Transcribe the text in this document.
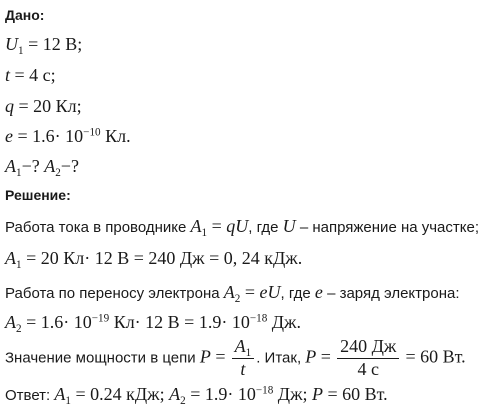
Дано:
$U_1 = 12$ В;
t = 4 с;
q = 20 Кл;
$e = 1.6\cdot 10^{-10}$ Кл.
$A_1-$? $A_2-$?
Решение:
Работа тока в проводнике $A_1$ = qU, где U – напряжение на участке;
$A_1 = 20$ Кл· 12 В = 240 Дж = 0, 24 кДж.
Работа по переносу электрона $A_2$ = eU, где e – заряд электрона:
$A_2 = 1.6\cdot 10^{-19}$ Кл· 12 $В = 1.9\cdot 10^{-18}$ Дж.
Значение мощности в цепи $P = \frac{A_1}{t}$ . Итак, $P = \frac{240 Дж}{4 с} = 60$ Вт.
Ответ: $A_1 = 0.24$ кДж; $A_2 = 1.9\cdot 10^{-18}$ Дж; P = 60 Вт.
